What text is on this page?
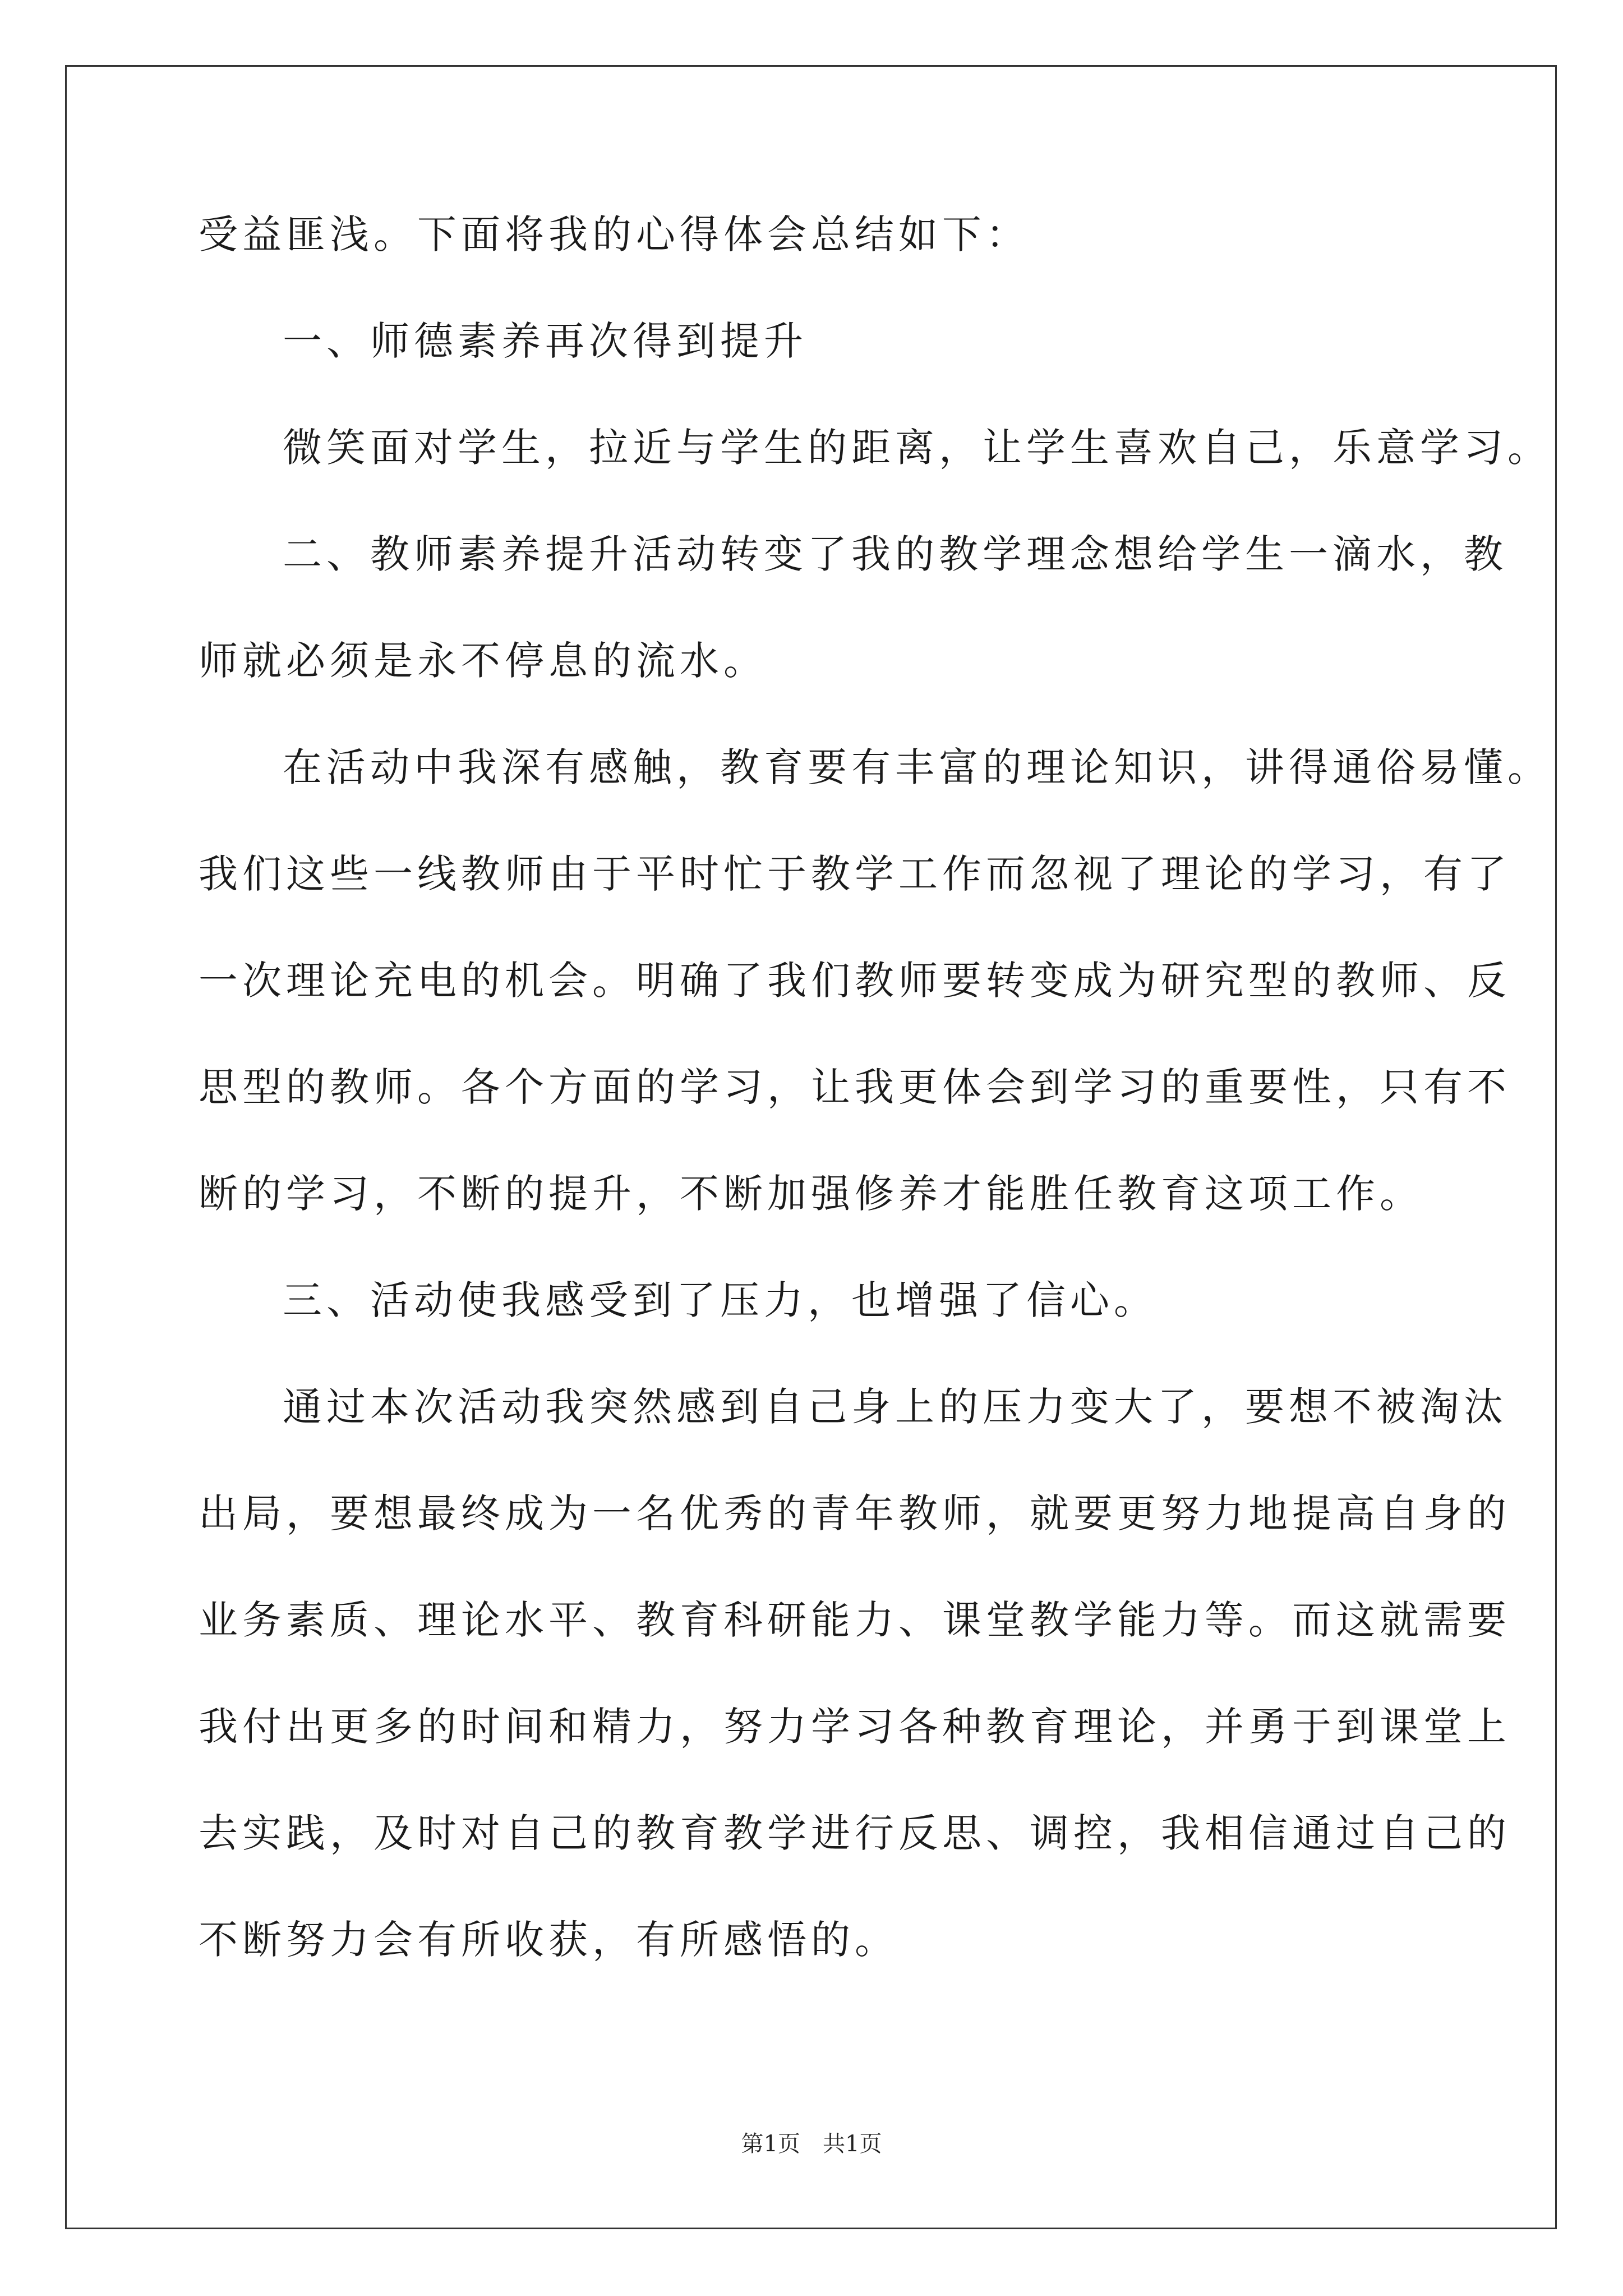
受益匪浅。下面将我的心得体会总结如下：
一、师德素养再次得到提升
微笑面对学生，拉近与学生的距离，让学生喜欢自己，乐意学习。
二、教师素养提升活动转变了我的教学理念想给学生一滴水，教
师就必须是永不停息的流水。
在活动中我深有感触，教育要有丰富的理论知识，讲得通俗易懂。
我们这些一线教师由于平时忙于教学工作而忽视了理论的学习，有了
一次理论充电的机会。明确了我们教师要转变成为研究型的教师、反
思型的教师。各个方面的学习，让我更体会到学习的重要性，只有不
断的学习，不断的提升，不断加强修养才能胜任教育这项工作。
三、活动使我感受到了压力，也增强了信心。
通过本次活动我突然感到自己身上的压力变大了，要想不被淘汰
出局，要想最终成为一名优秀的青年教师，就要更努力地提高自身的
业务素质、理论水平、教育科研能力、课堂教学能力等。而这就需要
我付出更多的时间和精力，努力学习各种教育理论，并勇于到课堂上
去实践，及时对自己的教育教学进行反思、调控，我相信通过自己的
不断努力会有所收获，有所感悟的。
第1页　共1页
